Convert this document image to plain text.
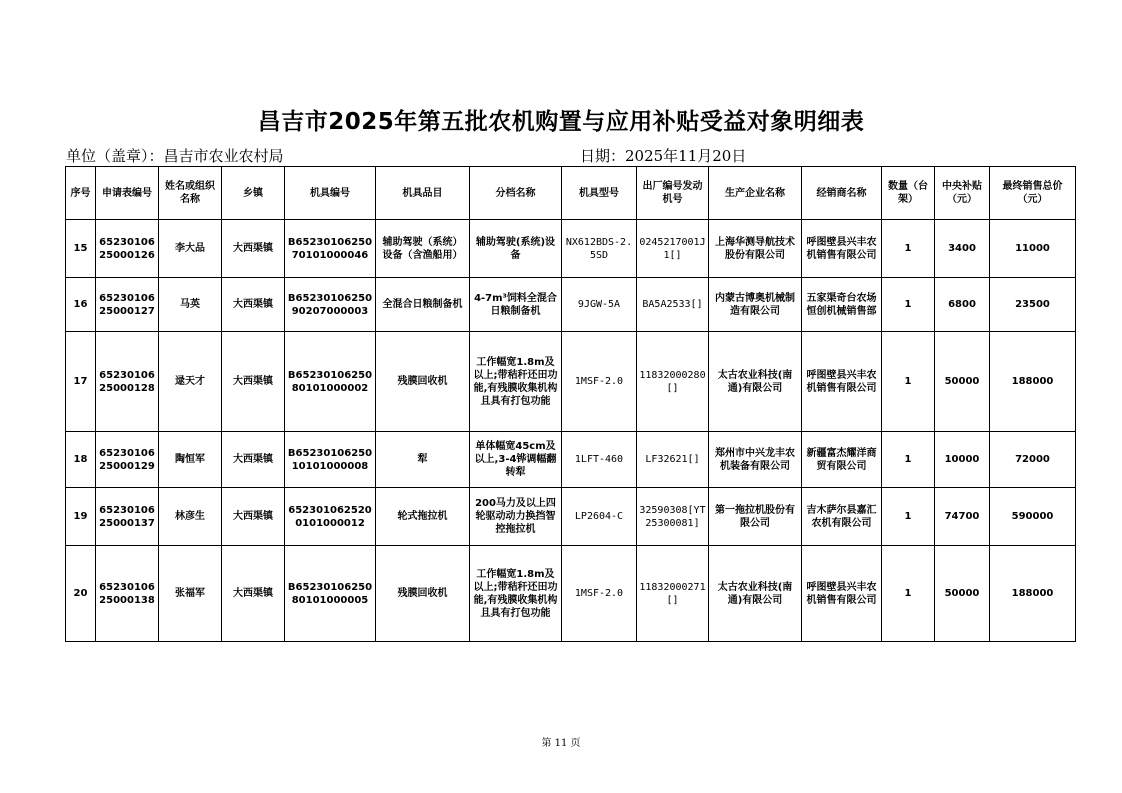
昌吉市2025年第五批农机购置与应用补贴受益对象明细表
单位（盖章）：昌吉市农业农村局	日期：2025年11月20日
序号	申请表编号	姓名或组织名称	乡镇	机具编号	机具品目	分档名称	机具型号	出厂编号发动机号	生产企业名称	经销商名称	数量（台架）	中央补贴（元）	最终销售总价（元）
15	6523010625000126	李大品	大西渠镇	B6523010625070101000046	辅助驾驶（系统）设备（含渔船用）	辅助驾驶(系统)设备	NX612BDS-2.5SD	0245217001J1[]	上海华测导航技术股份有限公司	呼图壁县兴丰农机销售有限公司	1	3400	11000
16	6523010625000127	马英	大西渠镇	B6523010625090207000003	全混合日粮制备机	4-7m³饲料全混合日粮制备机	9JGW-5A	BA5A2533[]	内蒙古博奥机械制造有限公司	五家渠奇台农场恒创机械销售部	1	6800	23500
17	6523010625000128	逯天才	大西渠镇	B6523010625080101000002	残膜回收机	工作幅宽1.8m及以上;带秸秆还田功能,有残膜收集机构且具有打包功能	1MSF-2.0	11832000280[]	太古农业科技(南通)有限公司	呼图壁县兴丰农机销售有限公司	1	50000	188000
18	6523010625000129	陶恒军	大西渠镇	B6523010625010101000008	犁	单体幅宽45cm及以上,3-4铧调幅翻转犁	1LFT-460	LF32621[]	郑州市中兴龙丰农机装备有限公司	新疆富杰耀洋商贸有限公司	1	10000	72000
19	6523010625000137	林彦生	大西渠镇	6523010625200101000012	轮式拖拉机	200马力及以上四轮驱动动力换挡智控拖拉机	LP2604-C	32590308[YT25300081]	第一拖拉机股份有限公司	吉木萨尔县嘉汇农机有限公司	1	74700	590000
20	6523010625000138	张福军	大西渠镇	B6523010625080101000005	残膜回收机	工作幅宽1.8m及以上;带秸秆还田功能,有残膜收集机构且具有打包功能	1MSF-2.0	11832000271[]	太古农业科技(南通)有限公司	呼图壁县兴丰农机销售有限公司	1	50000	188000
第 11 页
